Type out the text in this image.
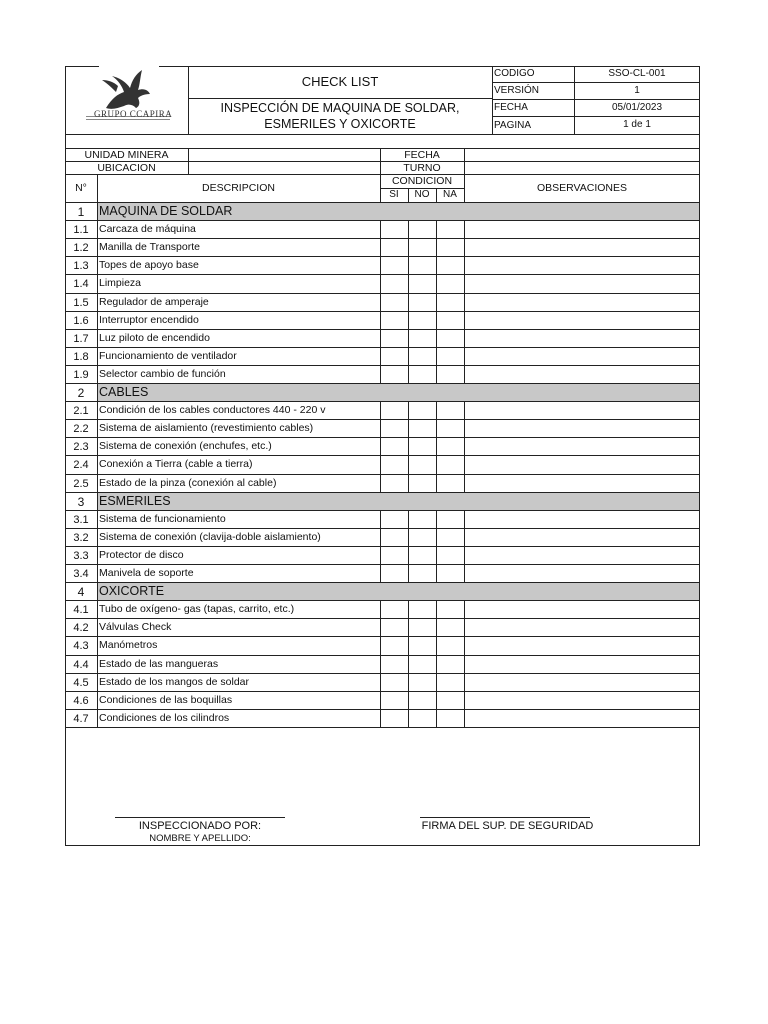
GRUPO CCAPIRA
CHECK LIST
INSPECCIÓN DE MAQUINA DE SOLDAR,
ESMERILES Y OXICORTE
CODIGO	SSO-CL-001
VERSIÓN	1
FECHA	05/01/2023
PAGINA	1 de 1
UNIDAD MINERA
UBICACION
FECHA
TURNO
N°	DESCRIPCION
CONDICION
SI	NO	NA
OBSERVACIONES
1	MAQUINA DE SOLDAR
1.1 Carcaza de máquina
1.2 Manilla de Transporte
1.3 Topes de apoyo base
1.4 Limpieza
1.5 Regulador de amperaje
1.6 Interruptor encendido
1.7 Luz piloto de encendido
1.8 Funcionamiento de ventilador
1.9 Selector cambio de función
2	CABLES
2.1 Condición de los cables conductores 440 - 220 v
2.2 Sistema de aislamiento (revestimiento cables)
2.3 Sistema de conexión (enchufes, etc.)
2.4 Conexión a Tierra (cable a tierra)
2.5 Estado de la pinza (conexión al cable)
3	ESMERILES
3.1 Sistema de funcionamiento
3.2 Sistema de conexión (clavija-doble aislamiento)
3.3 Protector de disco
3.4 Manivela de soporte
4	OXICORTE
4.1 Tubo de oxígeno- gas (tapas, carrito, etc.)
4.2 Válvulas Check
4.3 Manómetros
4.4 Estado de las mangueras
4.5 Estado de los mangos de soldar
4.6 Condiciones de las boquillas
4.7 Condiciones de los cilindros
INSPECCIONADO POR:
NOMBRE Y APELLIDO:
FIRMA DEL SUP. DE SEGURIDAD
